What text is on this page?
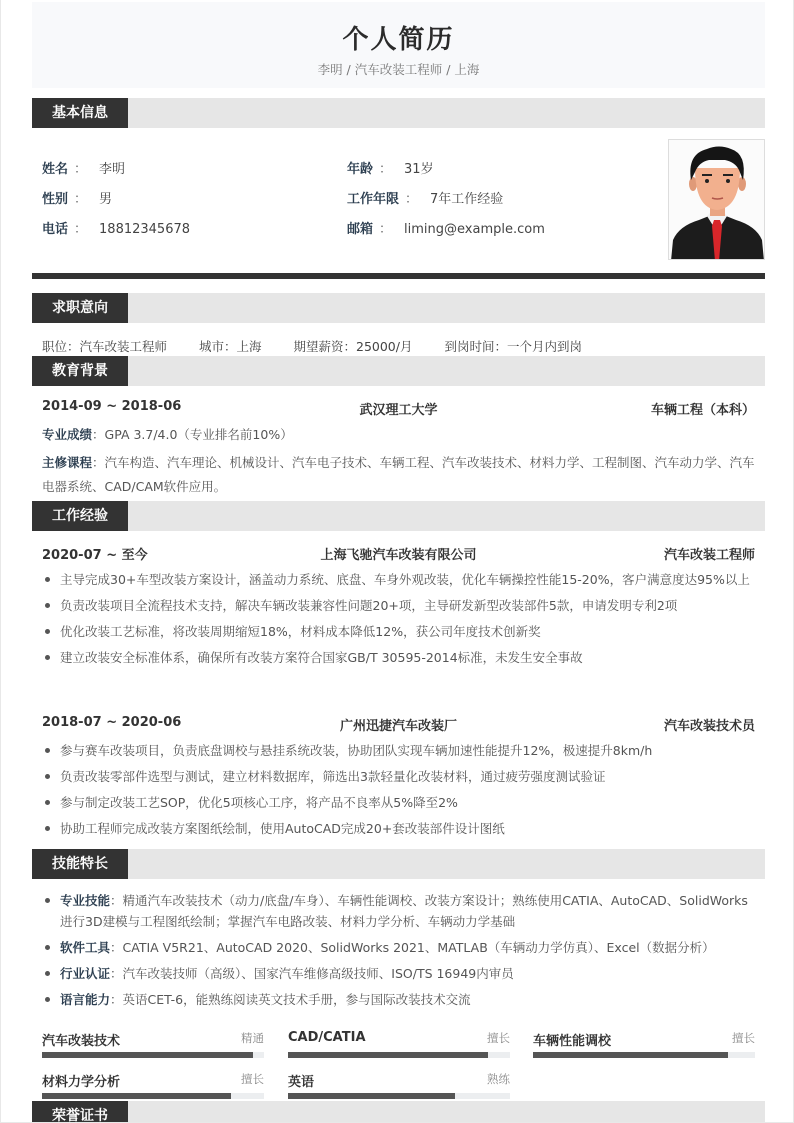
个人简历
李明 / 汽车改装工程师 / 上海
基本信息
姓名 ： 李明
性别 ： 男
电话 ： 18812345678
年龄 ： 31岁
工作年限 ： 7年工作经验
邮箱 ： liming@example.com
求职意向
职位：汽车改装工程师	城市：上海	期望薪资：25000/月	到岗时间：一个月内到岗
教育背景
武汉理工大学
2014-09 ~ 2018-06	车辆工程（本科）
专业成绩：GPA 3.7/4.0（专业排名前10%）
主修课程：汽车构造、汽车理论、机械设计、汽车电子技术、车辆工程、汽车改装技术、材料力学、工程制图、汽车动力学、汽车电器系统、CAD/CAM软件应用。
工作经验
上海飞驰汽车改装有限公司
2020-07 ~ 至今	汽车改装工程师
主导完成30+车型改装方案设计，涵盖动力系统、底盘、车身外观改装，优化车辆操控性能15-20%，客户满意度达95%以上
负责改装项目全流程技术支持，解决车辆改装兼容性问题20+项，主导研发新型改装部件5款，申请发明专利2项
优化改装工艺标准，将改装周期缩短18%，材料成本降低12%，获公司年度技术创新奖
建立改装安全标准体系，确保所有改装方案符合国家GB/T 30595-2014标准，未发生安全事故
广州迅捷汽车改装厂
2018-07 ~ 2020-06	汽车改装技术员
参与赛车改装项目，负责底盘调校与悬挂系统改装，协助团队实现车辆加速性能提升12%，极速提升8km/h
负责改装零部件选型与测试，建立材料数据库，筛选出3款轻量化改装材料，通过疲劳强度测试验证
参与制定改装工艺SOP，优化5项核心工序，将产品不良率从5%降至2%
协助工程师完成改装方案图纸绘制，使用AutoCAD完成20+套改装部件设计图纸
技能特长
专业技能：精通汽车改装技术（动力/底盘/车身）、车辆性能调校、改装方案设计；熟练使用CATIA、AutoCAD、SolidWorks进行3D建模与工程图纸绘制；掌握汽车电路改装、材料力学分析、车辆动力学基础
软件工具：CATIA V5R21、AutoCAD 2020、SolidWorks 2021、MATLAB（车辆动力学仿真）、Excel（数据分析）
行业认证：汽车改装技师（高级）、国家汽车维修高级技师、ISO/TS 16949内审员
语言能力：英语CET-6，能熟练阅读英文技术手册，参与国际改装技术交流
汽车改装技术	精通 CAD/CATIA	擅长 车辆性能调校	擅长
材料力学分析	擅长 英语	熟练
荣誉证书
